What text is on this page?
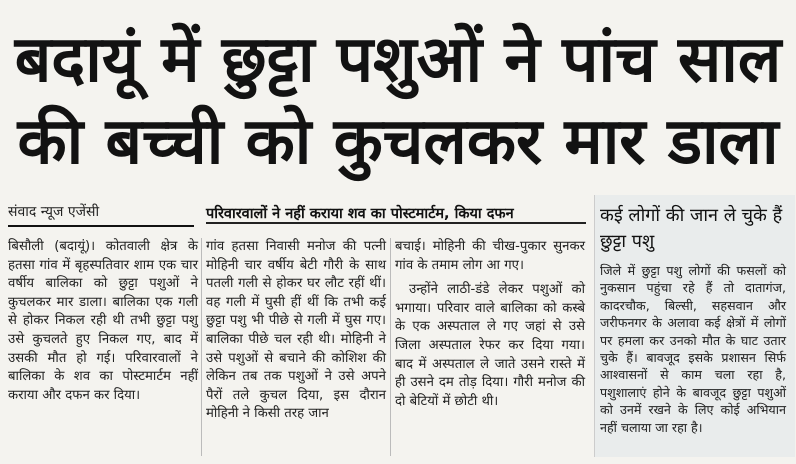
बदायूं में छुट्टा पशुओं ने पांच साल
की बच्ची को कुचलकर मार डाला
संवाद न्यूज एजेंसी	परिवारवालों ने नहीं कराया शव का पोस्टमार्टम, किया दफन

बिसौली (बदायूं)। कोतवाली क्षेत्र के हतसा गांव में बृहस्पतिवार शाम एक चार वर्षीय बालिका को छुट्टा पशुओं ने कुचलकर मार डाला। बालिका एक गली से होकर निकल रही थी तभी छुट्टा पशु उसे कुचलते हुए निकल गए, बाद में उसकी मौत हो गई। परिवारवालों ने बालिका के शव का पोस्टमार्टम नहीं कराया और दफन कर दिया।

गांव हतसा निवासी मनोज की पत्नी मोहिनी चार वर्षीय बेटी गौरी के साथ पतली गली से होकर घर लौट रहीं थीं। वह गली में घुसी हीं थीं कि तभी कई छुट्टा पशु भी पीछे से गली में घुस गए। बालिका पीछे चल रही थी। मोहिनी ने उसे पशुओं से बचाने की कोशिश की लेकिन तब तक पशुओं ने उसे अपने पैरों तले कुचल दिया, इस दौरान मोहिनी ने किसी तरह जान

बचाई। मोहिनी की चीख-पुकार सुनकर गांव के तमाम लोग आ गए।

उन्होंने लाठी-डंडे लेकर पशुओं को भगाया। परिवार वाले बालिका को कस्बे के एक अस्पताल ले गए जहां से उसे जिला अस्पताल रेफर कर दिया गया। बाद में अस्पताल ले जाते उसने रास्ते में ही उसने दम तोड़ दिया। गौरी मनोज की दो बेटियों में छोटी थी।

कई लोगों की जान ले चुके हैं छुट्टा पशु
जिले में छुट्टा पशु लोगों की फसलों को नुकसान पहुंचा रहे हैं तो दातागंज, कादरचौक, बिल्सी, सहसवान और जरीफनगर के अलावा कई क्षेत्रों में लोगों पर हमला कर उनको मौत के घाट उतार चुके हैं। बावजूद इसके प्रशासन सिर्फ आश्वासनों से काम चला रहा है, पशुशालाएं होने के बावजूद छुट्टा पशुओं को उनमें रखने के लिए कोई अभियान नहीं चलाया जा रहा है।
